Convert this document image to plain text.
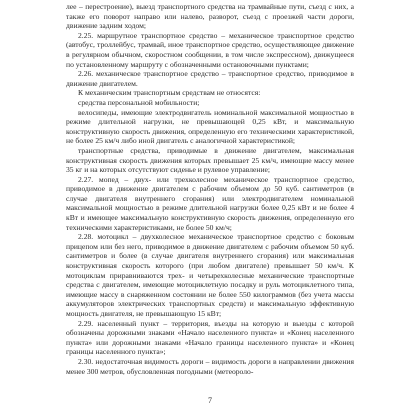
лее – перестроение), выезд транспортного средства на трамвайные пути, съезд с них, а также его поворот направо или налево, разворот, съезд с проезжей части дороги, движение задним ходом;

2.25. маршрутное транспортное средство – механическое транспортное средство (автобус, троллейбус, трамвай, иное транспортное средство, осуществляющее движение в регулярном обычном, скоростном сообщении, в том числе экспрессном), движущееся по установленному маршруту с обозначенными остановочными пунктами;

2.26. механическое транспортное средство – транспортное средство, приводимое в движение двигателем.

К механическим транспортным средствам не относятся:

средства персональной мобильности;

велосипеды, имеющие электродвигатель номинальной максимальной мощностью в режиме длительной нагрузки, не превышающей 0,25 кВт, и максимальную конструктивную скорость движения, определенную его техническими характеристикой, не более 25 км/ч либо иной двигатель с аналогичной характеристикой;

транспортные средства, приводимые в движение двигателем, максимальная конструктивная скорость движения которых превышает 25 км/ч, имеющие массу менее 35 кг и на которых отсутствуют сиденье и рулевое управление;

2.27. мопед – двух- или трехколесное механическое транспортное средство, приводимое в движение двигателем с рабочим объемом до 50 куб. сантиметров (в случае двигателя внутреннего сгорания) или электродвигателем номинальной максимальной мощностью в режиме длительной нагрузки более 0,25 кВт и не более 4 кВт и имеющее максимальную конструктивную скорость движения, определенную его техническими характеристиками, не более 50 км/ч;

2.28. мотоцикл – двухколесное механическое транспортное средство с боковым прицепом или без него, приводимое в движение двигателем с рабочим объемом 50 куб. сантиметров и более (в случае двигателя внутреннего сгорания) или максимальная конструктивная скорость которого (при любом двигателе) превышает 50 км/ч. К мотоциклам приравниваются трех- и четырехколесные механические транспортные средства с двигателем, имеющие мотоциклетную посадку и руль мотоциклетного типа, имеющие массу в снаряженном состоянии не более 550 килограммов (без учета массы аккумуляторов электрических транспортных средств) и максимальную эффективную мощность двигателя, не превышающую 15 кВт;

2.29. населенный пункт – территория, въезды на которую и выезды с которой обозначены дорожными знаками «Начало населенного пункта» и «Конец населенного пункта» или дорожными знаками «Начало границы населенного пункта» и «Конец границы населенного пункта»;

2.30. недостаточная видимость дороги – видимость дороги в направлении движения менее 300 метров, обусловленная погодными (метеороло-

7
